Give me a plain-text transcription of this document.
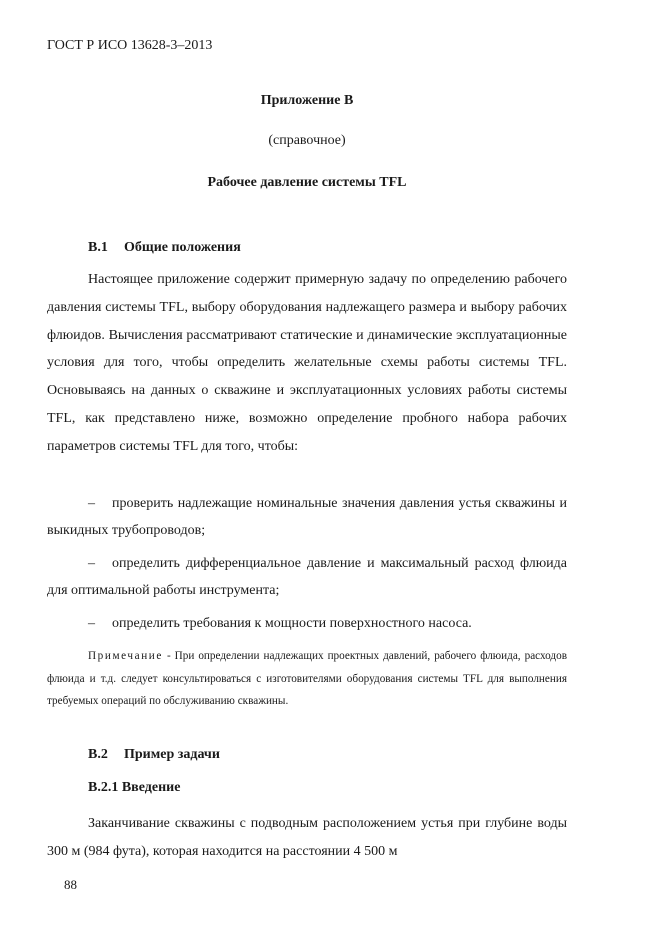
ГОСТ Р ИСО 13628-3–2013
Приложение В
(справочное)
Рабочее давление системы TFL
В.1 Общие положения
Настоящее приложение содержит примерную задачу по определению рабочего давления системы TFL, выбору оборудования надлежащего размера и выбору рабочих флюидов. Вычисления рассматривают статические и динамические эксплуатационные условия для того, чтобы определить желательные схемы работы системы TFL. Основываясь на данных о скважине и эксплуатационных условиях работы системы TFL, как представлено ниже, возможно определение пробного набора рабочих параметров системы TFL для того, чтобы:
– проверить надлежащие номинальные значения давления устья скважины и выкидных трубопроводов;
– определить дифференциальное давление и максимальный расход флюида для оптимальной работы инструмента;
– определить требования к мощности поверхностного насоса.
Примечание - При определении надлежащих проектных давлений, рабочего флюида, расходов флюида и т.д. следует консультироваться с изготовителями оборудования системы TFL для выполнения требуемых операций по обслуживанию скважины.
В.2 Пример задачи
В.2.1 Введение
Заканчивание скважины с подводным расположением устья при глубине воды 300 м (984 фута), которая находится на расстоянии 4 500 м
88
